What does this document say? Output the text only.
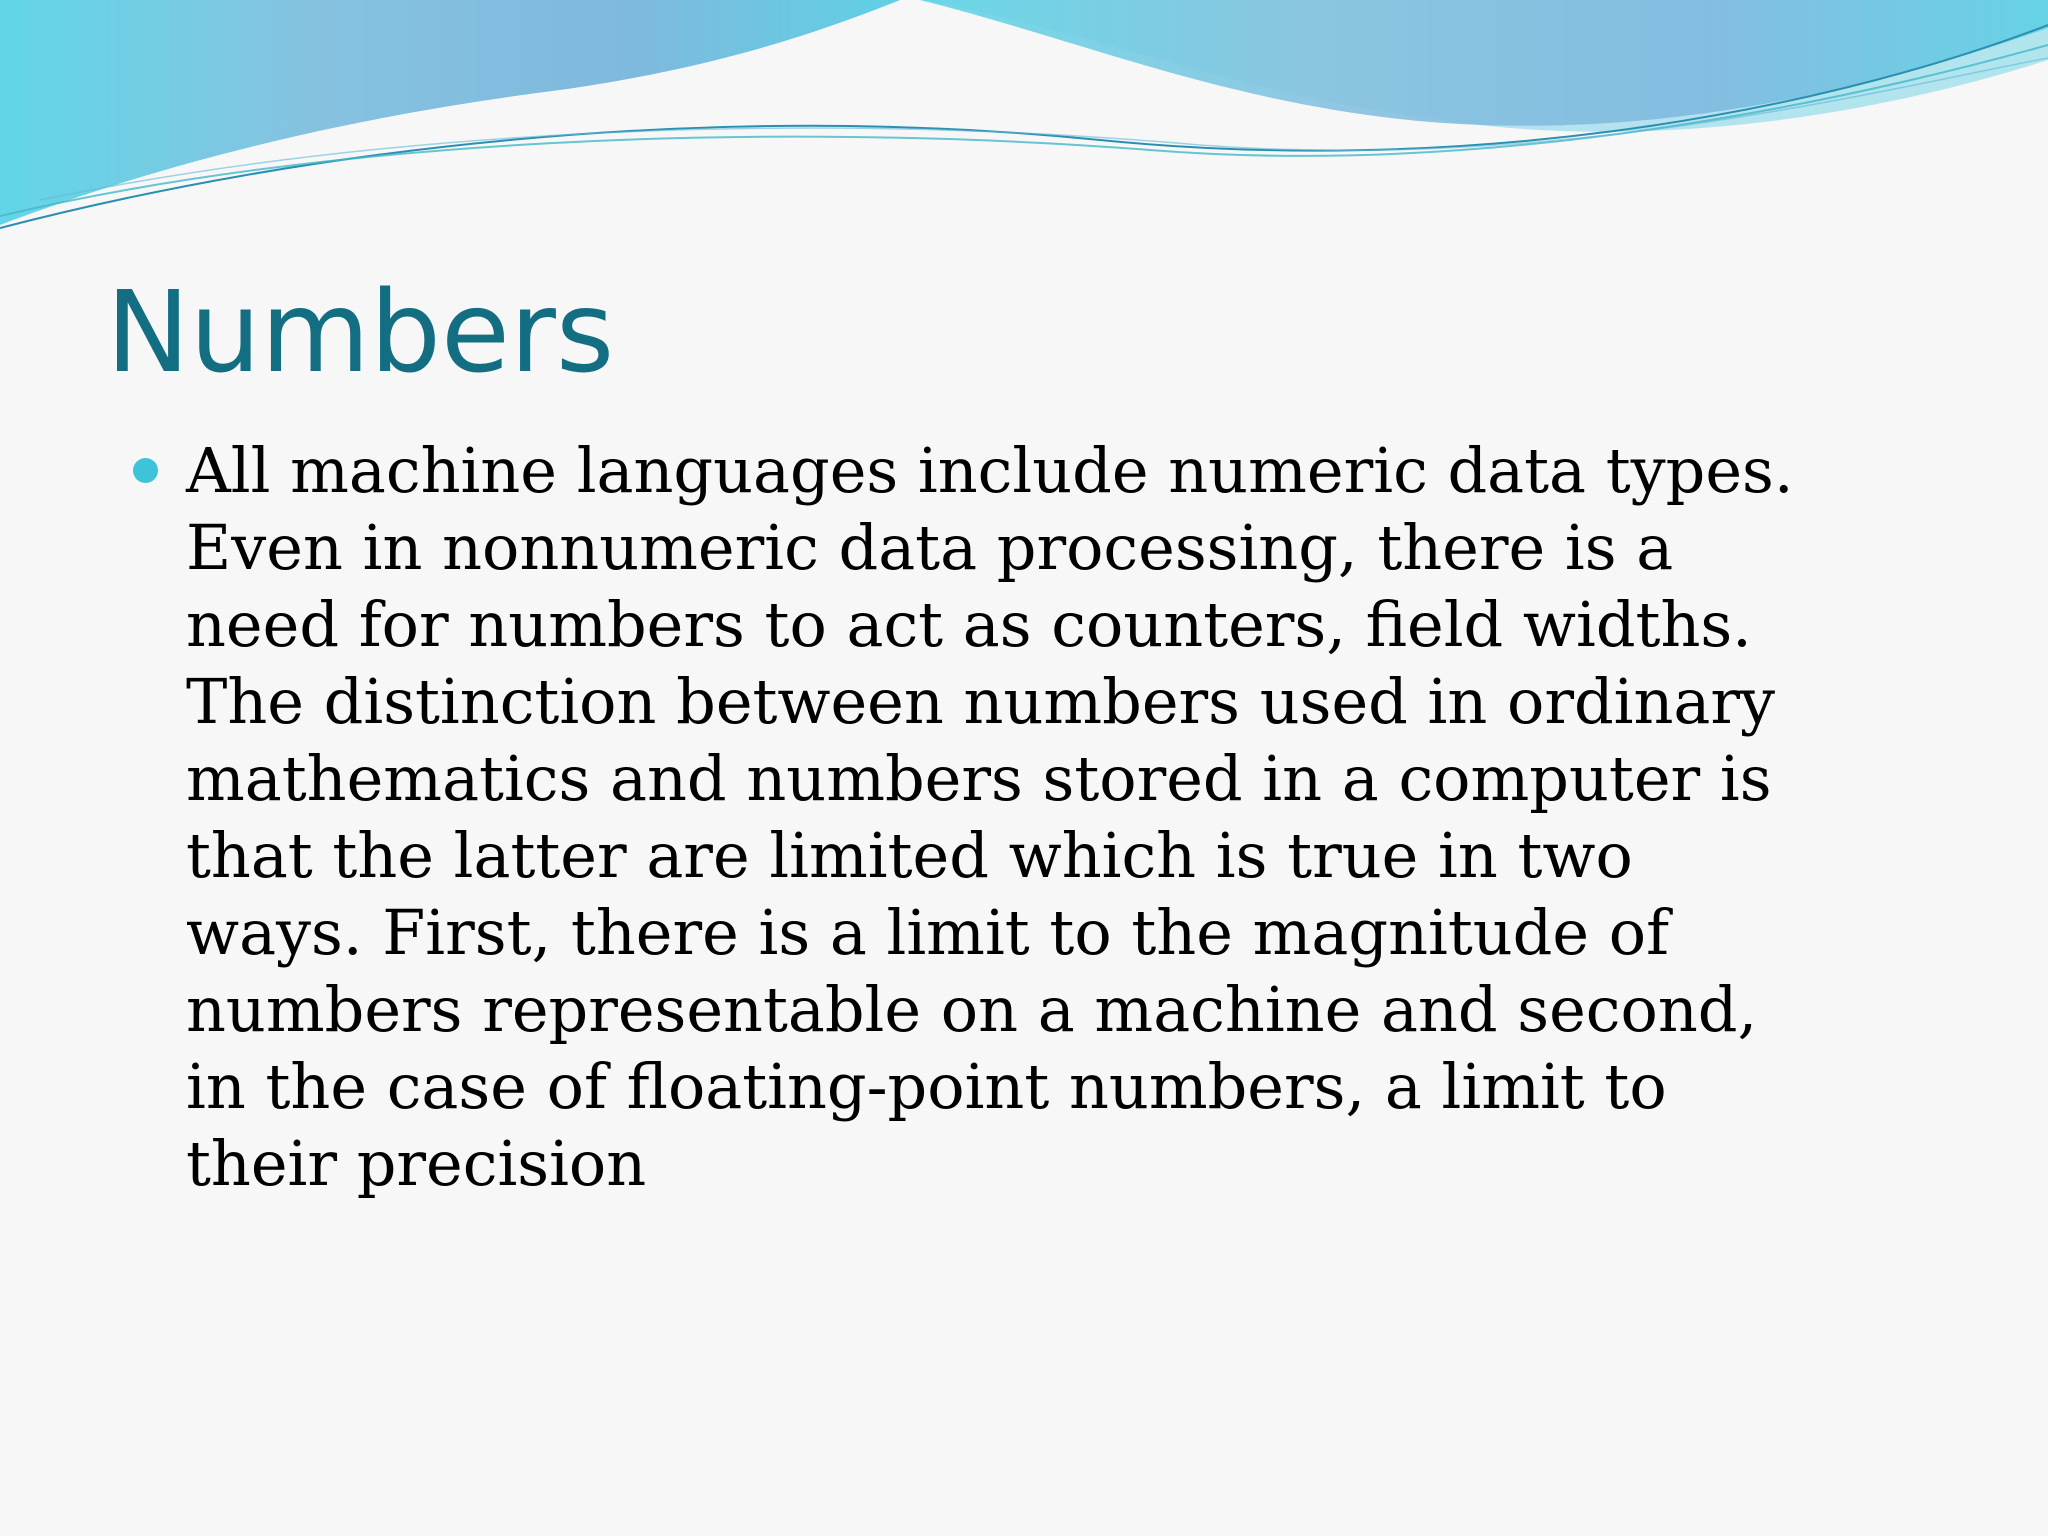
Numbers
All machine languages include numeric data types.
Even in nonnumeric data processing, there is a
need for numbers to act as counters, field widths.
The distinction between numbers used in ordinary
mathematics and numbers stored in a computer is
that the latter are limited which is true in two
ways. First, there is a limit to the magnitude of
numbers representable on a machine and second,
in the case of floating-point numbers, a limit to
their precision
